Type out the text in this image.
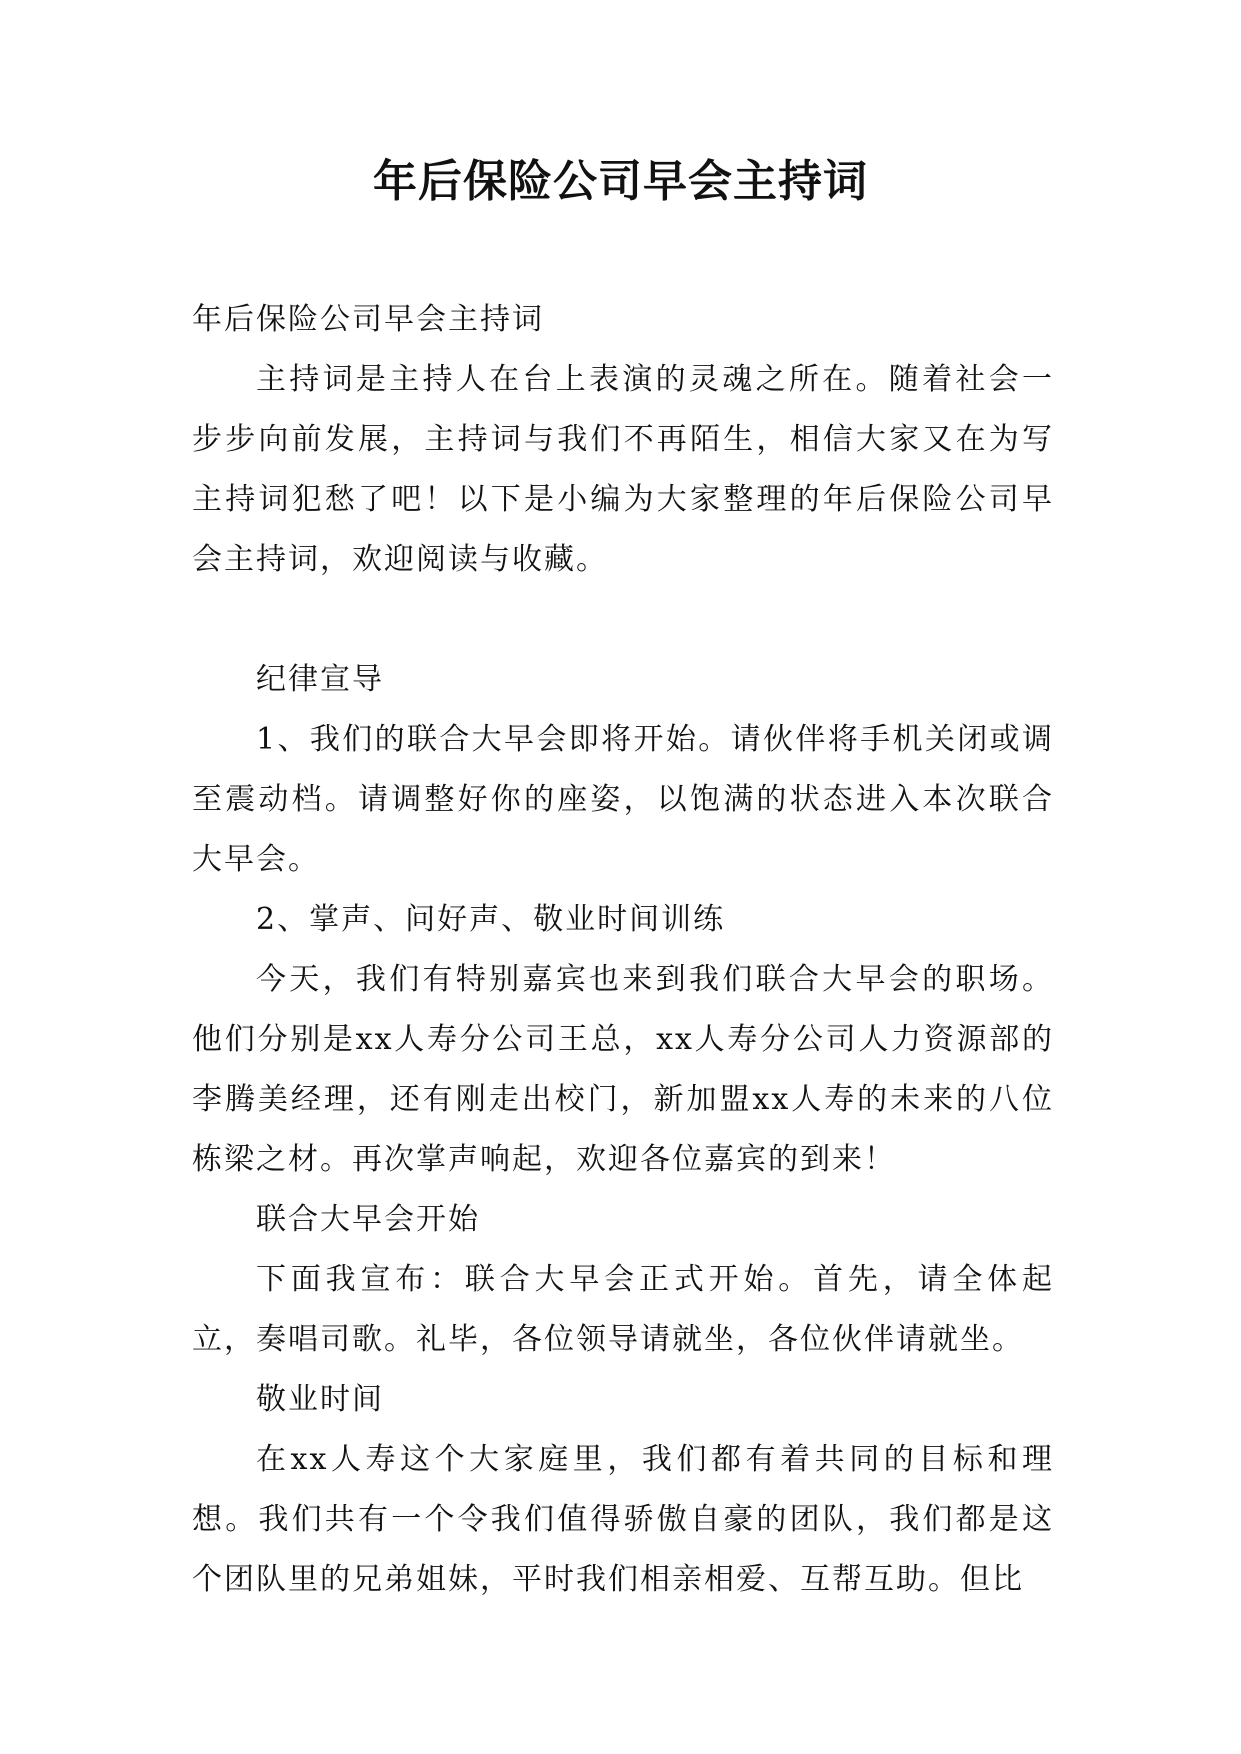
年后保险公司早会主持词

年后保险公司早会主持词

主持词是主持人在台上表演的灵魂之所在。随着社会一步步向前发展，主持词与我们不再陌生，相信大家又在为写主持词犯愁了吧！以下是小编为大家整理的年后保险公司早会主持词，欢迎阅读与收藏。

纪律宣导

1、我们的联合大早会即将开始。请伙伴将手机关闭或调至震动档。请调整好你的座姿，以饱满的状态进入本次联合大早会。

2、掌声、问好声、敬业时间训练

今天，我们有特别嘉宾也来到我们联合大早会的职场。他们分别是xx人寿分公司王总，xx人寿分公司人力资源部的李腾美经理，还有刚走出校门，新加盟xx人寿的未来的八位栋梁之材。再次掌声响起，欢迎各位嘉宾的到来！

联合大早会开始

下面我宣布：联合大早会正式开始。首先，请全体起立，奏唱司歌。礼毕，各位领导请就坐，各位伙伴请就坐。

敬业时间

在xx人寿这个大家庭里，我们都有着共同的目标和理想。我们共有一个令我们值得骄傲自豪的团队，我们都是这个团队里的兄弟姐妹，平时我们相亲相爱、互帮互助。但比
